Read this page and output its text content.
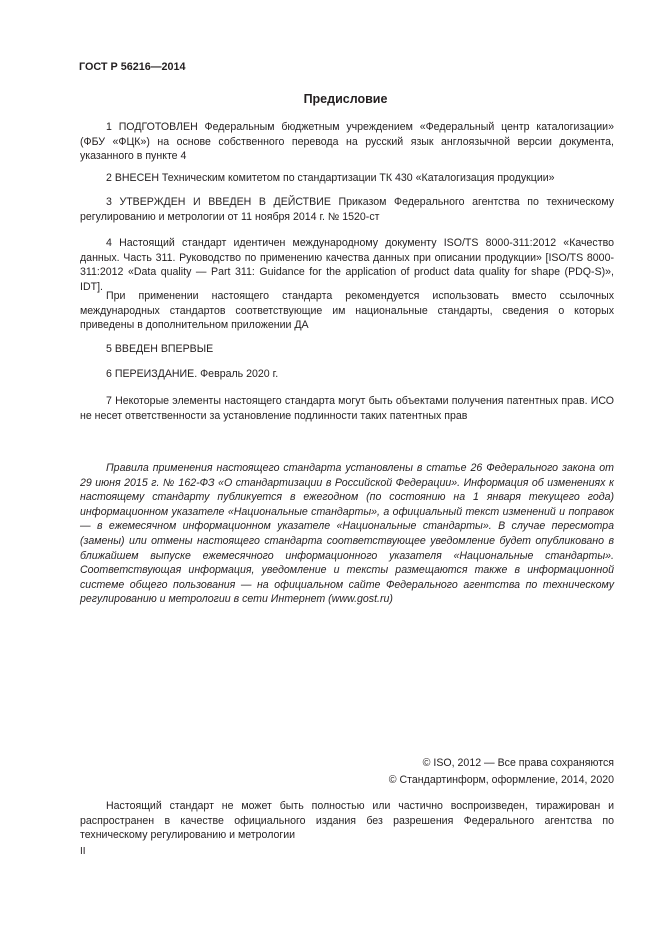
ГОСТ Р 56216—2014
Предисловие

1 ПОДГОТОВЛЕН Федеральным бюджетным учреждением «Федеральный центр каталогизации» (ФБУ «ФЦК») на основе собственного перевода на русский язык англоязычной версии документа, указанного в пункте 4

2 ВНЕСЕН Техническим комитетом по стандартизации ТК 430 «Каталогизация продукции»

3 УТВЕРЖДЕН И ВВЕДЕН В ДЕЙСТВИЕ Приказом Федерального агентства по техническому регулированию и метрологии от 11 ноября 2014 г. № 1520-ст

4 Настоящий стандарт идентичен международному документу ISO/TS 8000-311:2012 «Качество данных. Часть 311. Руководство по применению качества данных при описании продукции» [ISO/TS 8000-311:2012 «Data quality — Part 311: Guidance for the application of product data quality for shape (PDQ-S)», IDT].

При применении настоящего стандарта рекомендуется использовать вместо ссылочных международных стандартов соответствующие им национальные стандарты, сведения о которых приведены в дополнительном приложении ДА

5 ВВЕДЕН ВПЕРВЫЕ

6 ПЕРЕИЗДАНИЕ. Февраль 2020 г.

7 Некоторые элементы настоящего стандарта могут быть объектами получения патентных прав. ИСО не несет ответственности за установление подлинности таких патентных прав

Правила применения настоящего стандарта установлены в статье 26 Федерального закона от 29 июня 2015 г. № 162-ФЗ «О стандартизации в Российской Федерации». Информация об изменениях к настоящему стандарту публикуется в ежегодном (по состоянию на 1 января текущего года) информационном указателе «Национальные стандарты», а официальный текст изменений и поправок — в ежемесячном информационном указателе «Национальные стандарты». В случае пересмотра (замены) или отмены настоящего стандарта соответствующее уведомление будет опубликовано в ближайшем выпуске ежемесячного информационного указателя «Национальные стандарты». Соответствующая информация, уведомление и тексты размещаются также в информационной системе общего пользования — на официальном сайте Федерального агентства по техническому регулированию и метрологии в сети Интернет (www.gost.ru)

© ISO, 2012 — Все права сохраняются
© Стандартинформ, оформление, 2014, 2020

Настоящий стандарт не может быть полностью или частично воспроизведен, тиражирован и распространен в качестве официального издания без разрешения Федерального агентства по техническому регулированию и метрологии

II
